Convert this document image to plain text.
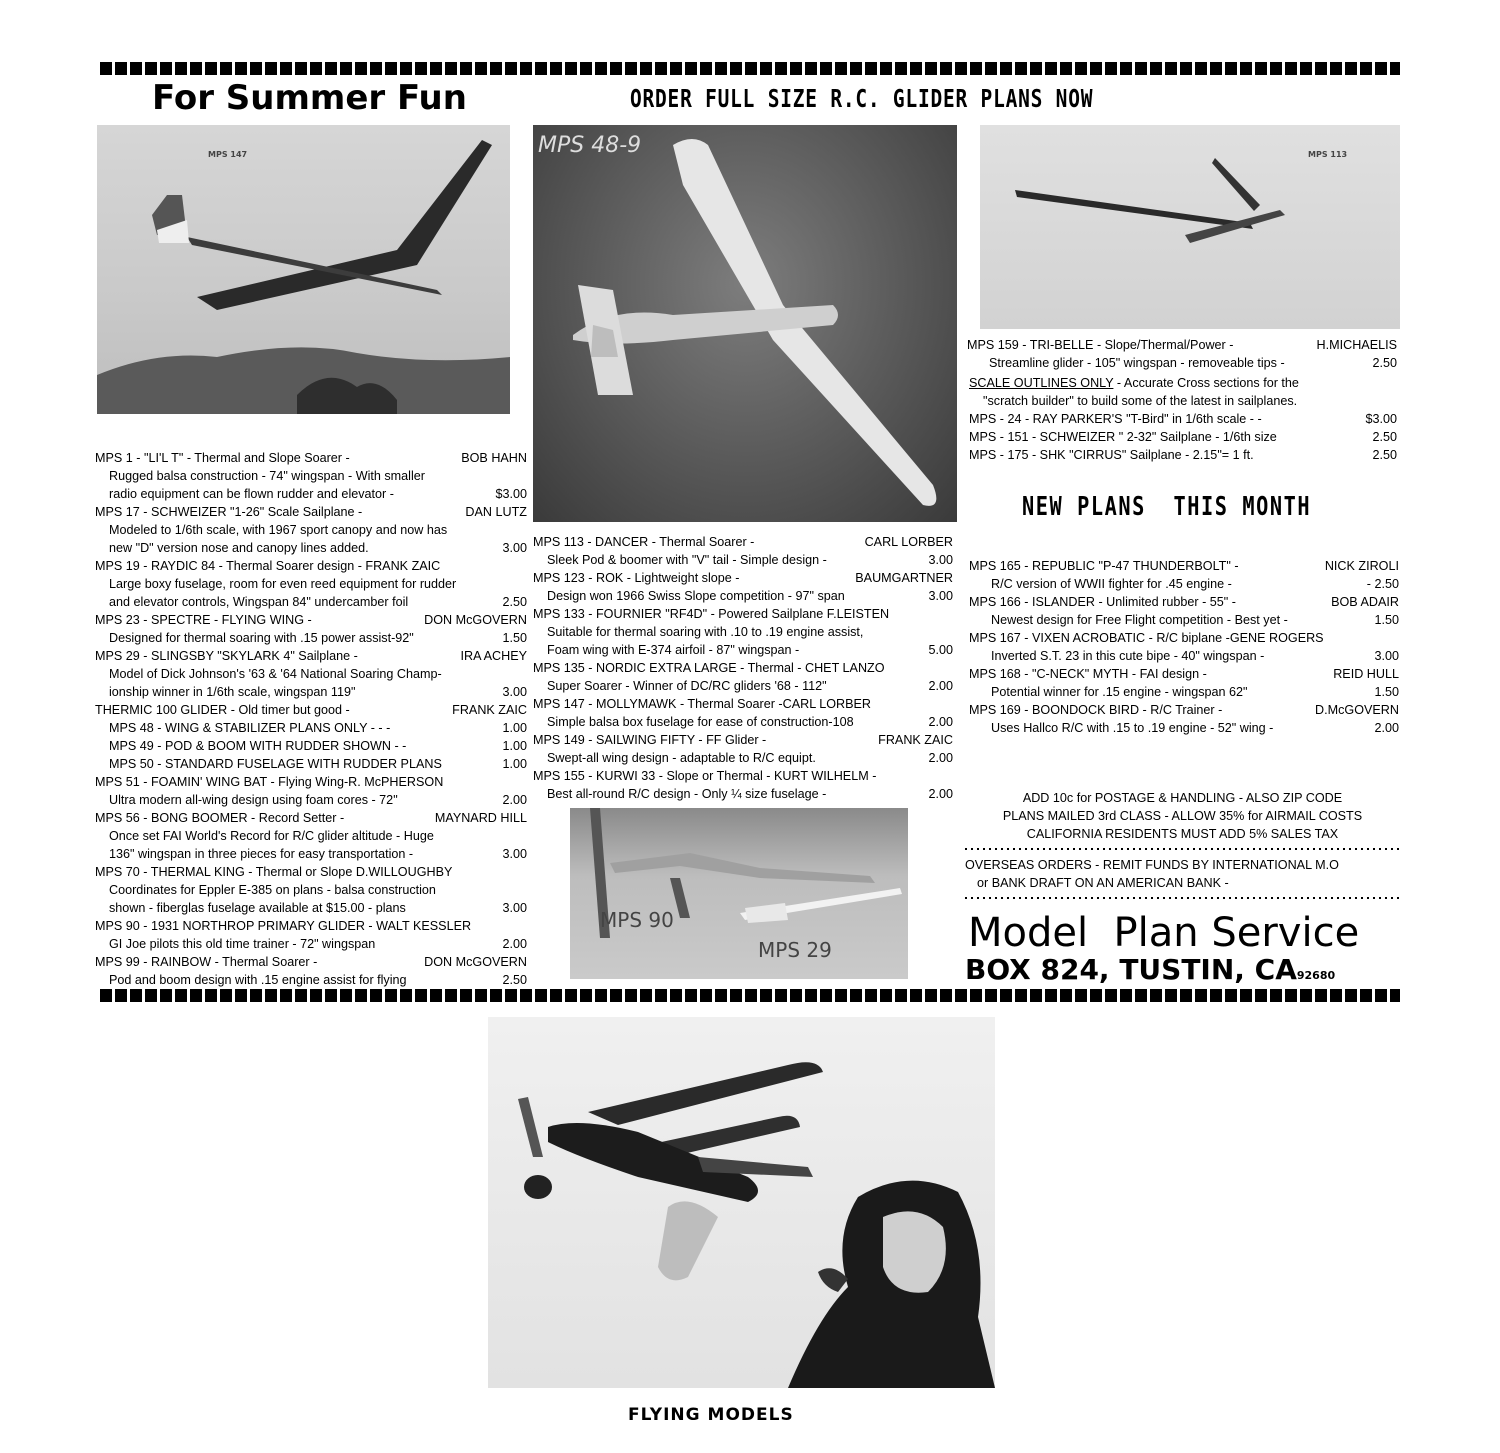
For Summer Fun	ORDER FULL SIZE R.C. GLIDER PLANS NOW
MPS 147	MPS 48-9	MPS 113
MPS 90
MPS 29
MPS 1 - "LI'L T" - Thermal and Slope Soarer -	BOB HAHN
Rugged balsa construction - 74" wingspan - With smaller
radio equipment can be flown rudder and elevator -	$3.00
MPS 17 - SCHWEIZER "1-26" Scale Sailplane -	DAN LUTZ
Modeled to 1/6th scale, with 1967 sport canopy and now has
new "D" version nose and canopy lines added.	3.00
MPS 19 - RAYDIC 84 - Thermal Soarer design - FRANK ZAIC
Large boxy fuselage, room for even reed equipment for rudder
and elevator controls, Wingspan 84" undercamber foil	2.50
MPS 23 - SPECTRE - FLYING WING -	DON McGOVERN
Designed for thermal soaring with .15 power assist-92"	1.50
MPS 29 - SLINGSBY "SKYLARK 4" Sailplane -	IRA ACHEY
Model of Dick Johnson's '63 & '64 National Soaring Champ-
ionship winner in 1/6th scale, wingspan 119"	3.00
THERMIC 100 GLIDER - Old timer but good -	FRANK ZAIC
MPS 48 - WING & STABILIZER PLANS ONLY - - -	1.00
MPS 49 - POD & BOOM WITH RUDDER SHOWN - -	1.00
MPS 50 - STANDARD FUSELAGE WITH RUDDER PLANS	1.00
MPS 51 - FOAMIN' WING BAT - Flying Wing-R. McPHERSON
Ultra modern all-wing design using foam cores - 72"	2.00
MPS 56 - BONG BOOMER - Record Setter -	MAYNARD HILL
Once set FAI World's Record for R/C glider altitude - Huge
136" wingspan in three pieces for easy transportation -	3.00
MPS 70 - THERMAL KING - Thermal or Slope D.WILLOUGHBY
Coordinates for Eppler E-385 on plans - balsa construction
shown - fiberglas fuselage available at $15.00 - plans	3.00
MPS 90 - 1931 NORTHROP PRIMARY GLIDER - WALT KESSLER
GI Joe pilots this old time trainer - 72" wingspan	2.00
MPS 99 - RAINBOW - Thermal Soarer -	DON McGOVERN
Pod and boom design with .15 engine assist for flying	2.50
MPS 113 - DANCER - Thermal Soarer -	CARL LORBER
Sleek Pod & boomer with "V" tail - Simple design -	3.00
MPS 123 - ROK - Lightweight slope -	BAUMGARTNER
Design won 1966 Swiss Slope competition - 97" span	3.00
MPS 133 - FOURNIER "RF4D" - Powered Sailplane F.LEISTEN
Suitable for thermal soaring with .10 to .19 engine assist,
Foam wing with E-374 airfoil - 87" wingspan -	5.00
MPS 135 - NORDIC EXTRA LARGE - Thermal - CHET LANZO
Super Soarer - Winner of DC/RC gliders '68 - 112"	2.00
MPS 147 - MOLLYMAWK - Thermal Soarer -CARL LORBER
Simple balsa box fuselage for ease of construction-108	2.00
MPS 149 - SAILWING FIFTY - FF Glider -	FRANK ZAIC
Swept-all wing design - adaptable to R/C equipt.	2.00
MPS 155 - KURWI 33 - Slope or Thermal - KURT WILHELM -
Best all-round R/C design - Only ¼ size fuselage -	2.00
MPS 159 - TRI-BELLE - Slope/Thermal/Power -	H.MICHAELIS
Streamline glider - 105" wingspan - removeable tips -	2.50
SCALE OUTLINES ONLY - Accurate Cross sections for the
"scratch builder" to build some of the latest in sailplanes.
MPS - 24 - RAY PARKER'S "T-Bird" in 1/6th scale - -	$3.00
MPS - 151 - SCHWEIZER " 2-32" Sailplane - 1/6th size	2.50
MPS - 175 - SHK "CIRRUS" Sailplane - 2.15"= 1 ft.	2.50
NEW PLANS  THIS MONTH
MPS 165 - REPUBLIC "P-47 THUNDERBOLT" -	NICK ZIROLI
R/C version of WWII fighter for .45 engine -	- 2.50
MPS 166 - ISLANDER - Unlimited rubber - 55" -	BOB ADAIR
Newest design for Free Flight competition - Best yet -	1.50
MPS 167 - VIXEN ACROBATIC - R/C biplane -GENE ROGERS
Inverted S.T. 23 in this cute bipe - 40" wingspan -	3.00
MPS 168 - "C-NECK" MYTH - FAI design -	REID HULL
Potential winner for .15 engine - wingspan 62"	1.50
MPS 169 - BOONDOCK BIRD - R/C Trainer -	D.McGOVERN
Uses Hallco R/C with .15 to .19 engine - 52" wing -	2.00
ADD 10c for POSTAGE & HANDLING - ALSO ZIP CODE
PLANS MAILED 3rd CLASS - ALLOW 35% for AIRMAIL COSTS
CALIFORNIA RESIDENTS MUST ADD 5% SALES TAX
OVERSEAS ORDERS - REMIT FUNDS BY INTERNATIONAL M.O
or BANK DRAFT ON AN AMERICAN BANK -
Model  Plan Service
BOX 824, TUSTIN, CA92680
FLYING MODELS
